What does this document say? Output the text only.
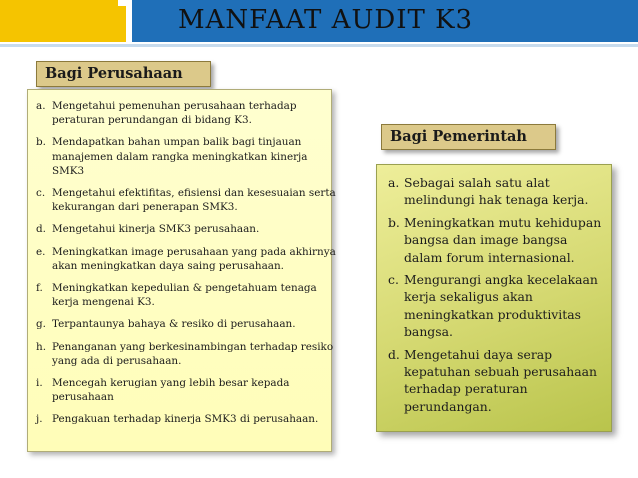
MANFAAT AUDIT K3
Bagi Perusahaan
a. Mengetahui pemenuhan perusahaan terhadap peraturan perundangan di bidang K3.
b. Mendapatkan bahan umpan balik bagi tinjauan manajemen dalam rangka meningkatkan kinerja SMK3
c. Mengetahui efektifitas, efisiensi dan kesesuaian serta kekurangan dari penerapan SMK3.
d. Mengetahui kinerja SMK3 perusahaan.
e. Meningkatkan image perusahaan yang pada akhirnya akan meningkatkan daya saing perusahaan.
f. Meningkatkan kepedulian & pengetahuam tenaga kerja mengenai K3.
g. Terpantaunya bahaya & resiko di perusahaan.
h. Penanganan yang berkesinambingan terhadap resiko yang ada di perusahaan.
i. Mencegah kerugian yang lebih besar kepada perusahaan
j. Pengakuan terhadap kinerja SMK3 di perusahaan.
Bagi Pemerintah
a. Sebagai salah satu alat melindungi hak tenaga kerja.
b. Meningkatkan mutu kehidupan bangsa dan image bangsa dalam forum internasional.
c. Mengurangi angka kecelakaan kerja sekaligus akan meningkatkan produktivitas bangsa.
d. Mengetahui daya serap kepatuhan sebuah perusahaan terhadap peraturan perundangan.
